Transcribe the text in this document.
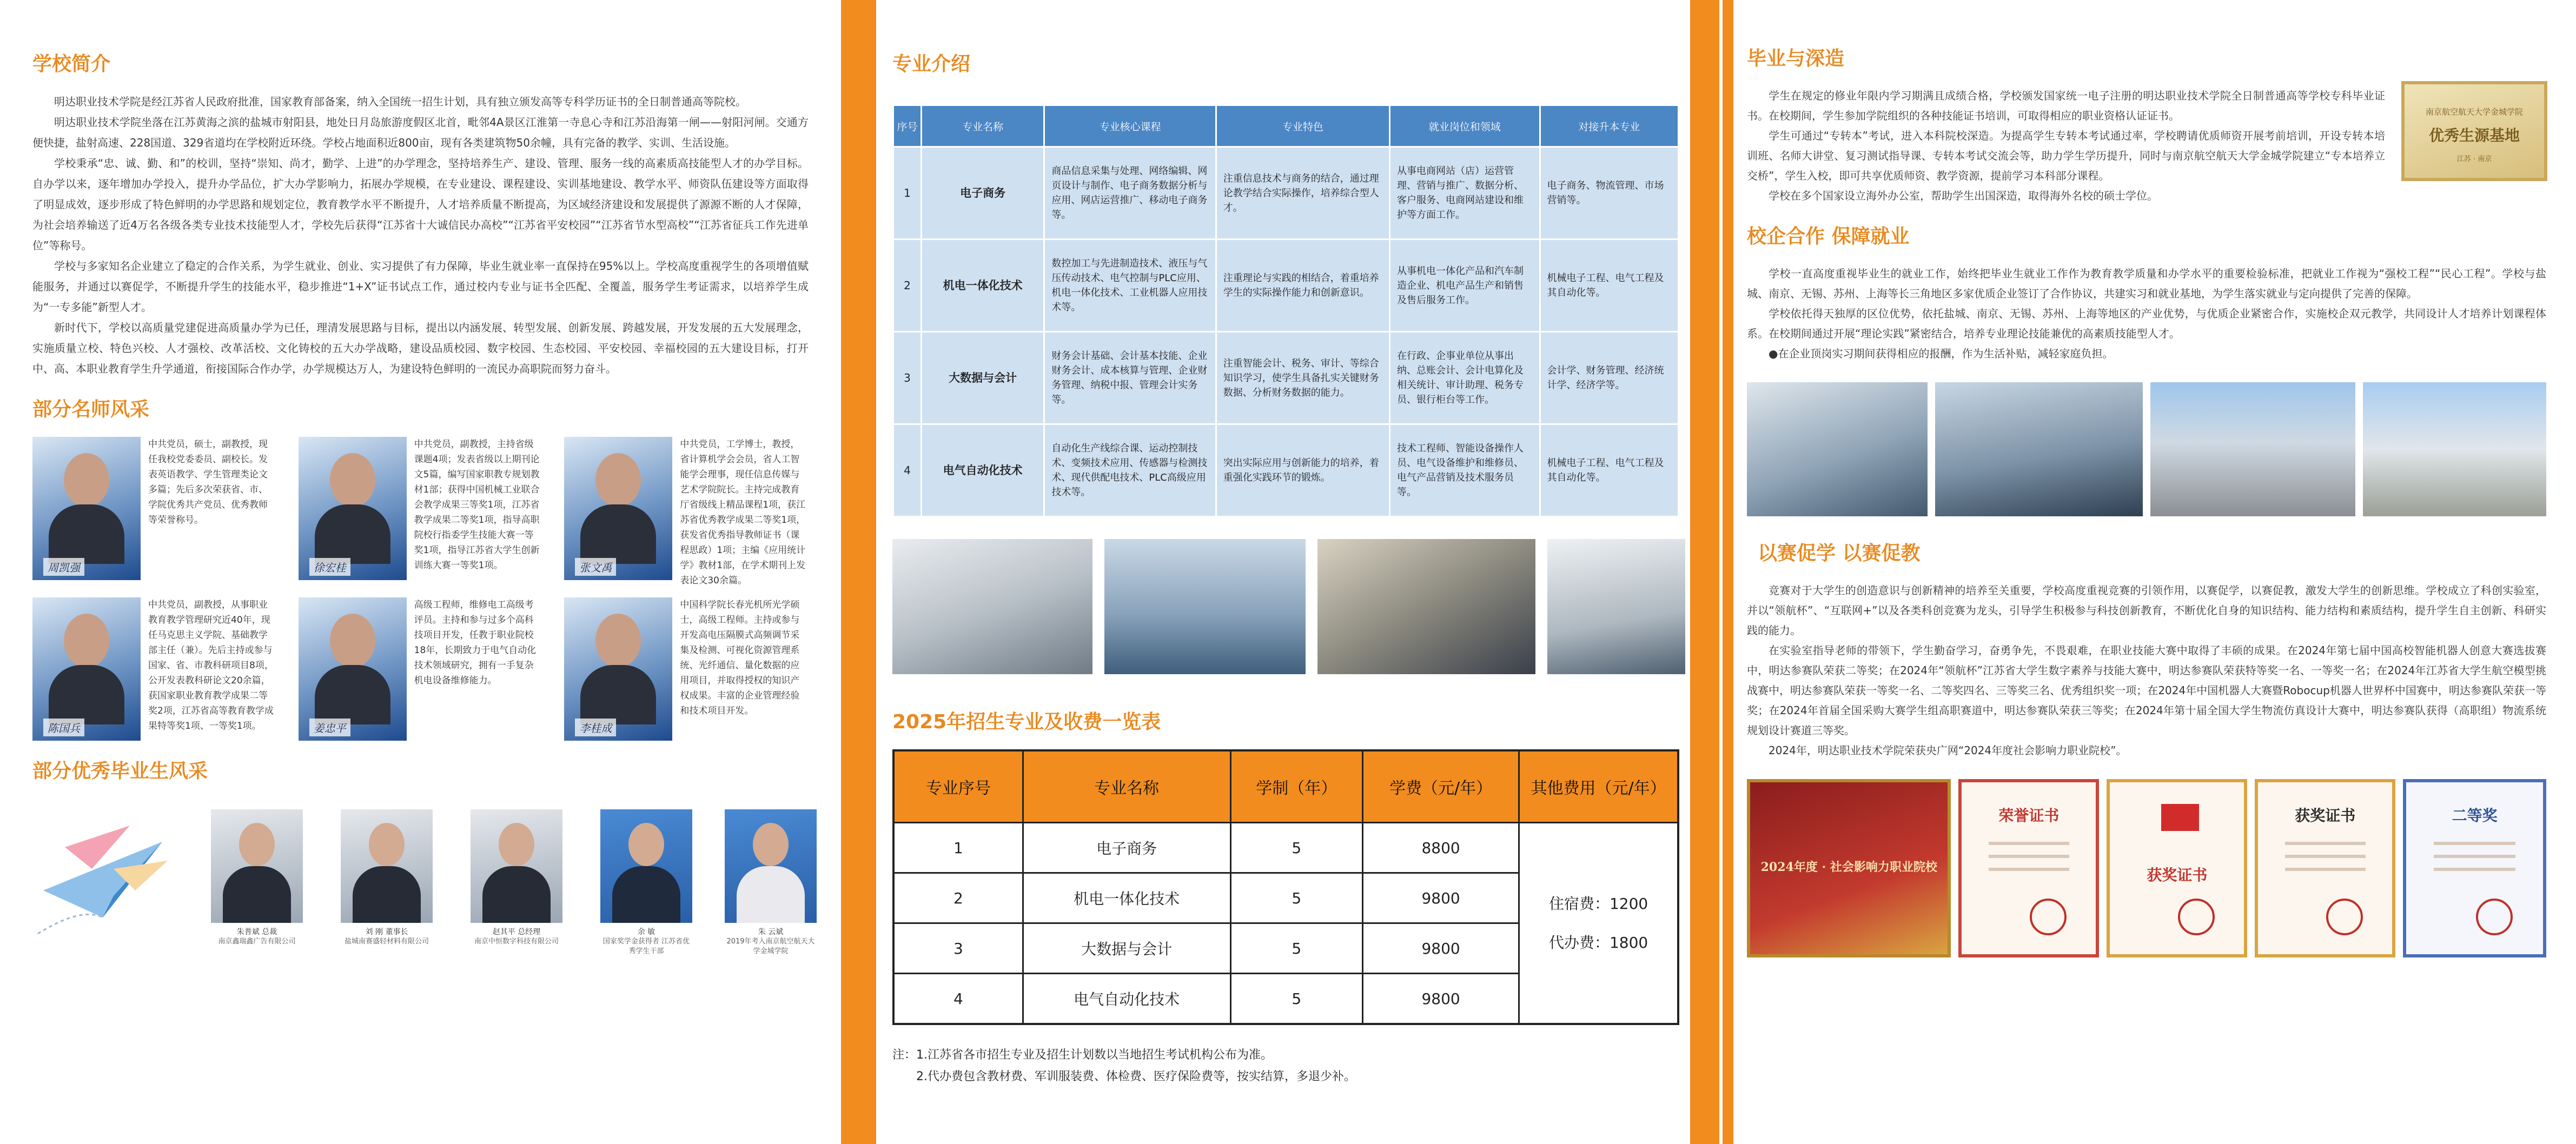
学校简介

明达职业技术学院是经江苏省人民政府批准，国家教育部备案，纳入全国统一招生计划，具有独立颁发高等专科学历证书的全日制普通高等院校。

明达职业技术学院坐落在江苏黄海之滨的盐城市射阳县，地处日月岛旅游度假区北首，毗邻4A景区江淮第一寺息心寺和江苏沿海第一闸——射阳河闸。交通方便快捷，盐射高速、228国道、329省道均在学校附近环绕。学校占地面积近800亩，现有各类建筑物50余幢，具有完备的教学、实训、生活设施。

学校秉承“忠、诚、勤、和”的校训，坚持“崇知、尚才，勤学、上进”的办学理念，坚持培养生产、建设、管理、服务一线的高素质高技能型人才的办学目标。自办学以来，逐年增加办学投入，提升办学品位，扩大办学影响力，拓展办学规模，在专业建设、课程建设、实训基地建设、教学水平、师资队伍建设等方面取得了明显成效，逐步形成了特色鲜明的办学思路和规划定位，教育教学水平不断提升，人才培养质量不断提高，为区域经济建设和发展提供了源源不断的人才保障，为社会培养输送了近4万名各级各类专业技术技能型人才，学校先后获得“江苏省十大诚信民办高校”“江苏省平安校园”“江苏省节水型高校”“江苏省征兵工作先进单位”等称号。

学校与多家知名企业建立了稳定的合作关系，为学生就业、创业、实习提供了有力保障，毕业生就业率一直保持在95%以上。学校高度重视学生的各项增值赋能服务，并通过以赛促学，不断提升学生的技能水平，稳步推进“1+X”证书试点工作，通过校内专业与证书全匹配、全覆盖，服务学生考证需求，以培养学生成为“一专多能”新型人才。

新时代下，学校以高质量党建促进高质量办学为已任，理清发展思路与目标，提出以内涵发展、转型发展、创新发展、跨越发展，开发发展的五大发展理念，实施质量立校、特色兴校、人才强校、改革活校、文化铸校的五大办学战略，建设品质校园、数字校园、生态校园、平安校园、幸福校园的五大建设目标，打开中、高、本职业教育学生升学通道，衔接国际合作办学，办学规模达万人，为建设特色鲜明的一流民办高职院而努力奋斗。

部分名师风采
周凯强
中共党员，硕士，副教授，现任我校党委委员、副校长。发表英语教学、学生管理类论文多篇；先后多次荣获省、市、学院优秀共产党员、优秀教师等荣誉称号。
徐宏桂
中共党员，副教授，主持省级课题4项；发表省级以上期刊论文5篇，编写国家职教专规划教材1部；获得中国机械工业联合会教学成果三等奖1项，江苏省教学成果二等奖1项，指导高职院校行指委学生技能大赛一等奖1项，指导江苏省大学生创新训练大赛一等奖1项。	张文禹
中共党员，工学博士，教授，省计算机学会会员，省人工智能学会理事，现任信息传媒与艺术学院院长。主持完成教育厅省级线上精品课程1项，获江苏省优秀教学成果二等奖1项，获发省优秀指导教师证书（课程思政）1项；主编《应用统计学》教材1部，在学术期刊上发表论文30余篇。
陈国兵
中共党员，副教授，从事职业教育教学管理研究近40年，现任马克思主义学院、基础教学部主任（兼）。先后主持或参与国家、省、市教科研项目8项，公开发表教科研论文20余篇，获国家职业教育教学成果二等奖2项，江苏省高等教育教学成果特等奖1项、一等奖1项。	姜忠平
高级工程师，维修电工高级考评员。主持和参与过多个高科技项目开发，任教于职业院校18年，长期致力于电气自动化技术领域研究，拥有一手复杂机电设备维修能力。
李桂成
中国科学院长春光机所光学硕士，高级工程师。主持或参与开发高电压隔膜式高频调节采集及检测、可视化资源管理系统、光纤通信、量化数据的应用项目，并取得授权的知识产权成果。丰富的企业管理经验和技术项目开发。
部分优秀毕业生风采
朱普斌 总裁
南京鑫瑞鑫广告有限公司
刘 刚 董事长
盐城南赛盛轻材料有限公司
赵其平 总经理
南京中恒数字科技有限公司
余 敏
国家奖学金获得者 江苏省优秀学生干部
朱 云斌
2019年考入南京航空航天大学金城学院
专业介绍
序号	专业名称	专业核心课程	专业特色	就业岗位和领域	对接升本专业
1	电子商务	商品信息采集与处理、网络编辑、网页设计与制作、电子商务数据分析与应用、网店运营推广、移动电子商务等。	注重信息技术与商务的结合，通过理论教学结合实际操作，培养综合型人才。	从事电商网站（店）运营管理、营销与推广、数据分析、客户服务、电商网站建设和维护等方面工作。	电子商务、物流管理、市场营销等。
2	机电一体化技术	数控加工与先进制造技术、液压与气压传动技术、电气控制与PLC应用、机电一体化技术、工业机器人应用技术等。	注重理论与实践的相结合，着重培养学生的实际操作能力和创新意识。	从事机电一体化产品和汽车制造企业、机电产品生产和销售及售后服务工作。	机械电子工程、电气工程及其自动化等。
3	大数据与会计	财务会计基础、会计基本技能、企业财务会计、成本核算与管理、企业财务管理、纳税中报、管理会计实务等。	注重智能会计、税务、审计、等综合知识学习，使学生具备扎实关键财务数据、分析财务数据的能力。	在行政、企事业单位从事出纳、总账会计、会计电算化及相关统计、审计助理、税务专员、银行柜台等工作。	会计学、财务管理、经济统计学、经济学等。
4	电气自动化技术	自动化生产线综合课、运动控制技术、变频技术应用、传感器与检测技术、现代供配电技术、PLC高级应用技术等。	突出实际应用与创新能力的培养，着重强化实践环节的锻炼。	技术工程师、智能设备操作人员、电气设备维护和维修员、电气产品营销及技术服务员等。	机械电子工程、电气工程及其自动化等。
2025年招生专业及收费一览表
专业序号	专业名称	学制（年）	学费（元/年）	其他费用（元/年）
1	电子商务	5	8800	住宿费：1200
代办费：1800

2	机电一体化技术	5	9800	
3	大数据与会计	5	9800	
4	电气自动化技术	5	9800	
注：1.江苏省各市招生专业及招生计划数以当地招生考试机构公布为准。
2.代办费包含教材费、军训服装费、体检费、医疗保险费等，按实结算，多退少补。
毕业与深造

学生在规定的修业年限内学习期满且成绩合格，学校颁发国家统一电子注册的明达职业技术学院全日制普通高等学校专科毕业证书。在校期间，学生参加学院组织的各种技能证书培训，可取得相应的职业资格认证证书。

学生可通过“专转本”考试，进入本科院校深造。为提高学生专转本考试通过率，学校聘请优质师资开展考前培训，开设专转本培训班、名师大讲堂、复习测试指导课、专转本考试交流会等，助力学生学历提升，同时与南京航空航天大学金城学院建立“专本培养立交桥”，学生入校，即可共享优质师资、教学资源，提前学习本科部分课程。

学校在多个国家设立海外办公室，帮助学生出国深造，取得海外名校的硕士学位。

南京航空航天大学金城学院
优秀生源基地
江苏 · 南京
校企合作 保障就业

学校一直高度重视毕业生的就业工作，始终把毕业生就业工作作为教育教学质量和办学水平的重要检验标准，把就业工作视为“强校工程”“民心工程”。学校与盐城、南京、无锡、苏州、上海等长三角地区多家优质企业签订了合作协议，共建实习和就业基地，为学生落实就业与定向提供了完善的保障。

学校依托得天独厚的区位优势，依托盐城、南京、无锡、苏州、上海等地区的产业优势，与优质企业紧密合作，实施校企双元教学，共同设计人才培养计划课程体系。在校期间通过开展“理论实践”紧密结合，培养专业理论技能兼优的高素质技能型人才。

●在企业顶岗实习期间获得相应的报酬，作为生活补贴，减轻家庭负担。

以赛促学 以赛促教

竞赛对于大学生的创造意识与创新精神的培养至关重要，学校高度重视竞赛的引领作用，以赛促学，以赛促教，激发大学生的创新思维。学校成立了科创实验室，并以“领航杯”、“互联网+”以及各类科创竞赛为龙头，引导学生积极参与科技创新教育，不断优化自身的知识结构、能力结构和素质结构，提升学生自主创新、科研实践的能力。

在实验室指导老师的带领下，学生勤奋学习，奋勇争先，不畏艰难，在职业技能大赛中取得了丰硕的成果。在2024年第七届中国高校智能机器人创意大赛选拔赛中，明达参赛队荣获二等奖；在2024年“领航杯”江苏省大学生数字素养与技能大赛中，明达参赛队荣获特等奖一名、一等奖一名；在2024年江苏省大学生航空模型挑战赛中，明达参赛队荣获一等奖一名、二等奖四名、三等奖三名、优秀组织奖一项；在2024年中国机器人大赛暨Robocup机器人世界杯中国赛中，明达参赛队荣获一等奖；在2024年首届全国采购大赛学生组高职赛道中，明达参赛队荣获三等奖；在2024年第十届全国大学生物流仿真设计大赛中，明达参赛队获得（高职组）物流系统规划设计赛道三等奖。

2024年，明达职业技术学院荣获央广网“2024年度社会影响力职业院校”。

2024年度 · 社会影响力职业院校
荣誉证书
获奖证书
获奖证书	二等奖
